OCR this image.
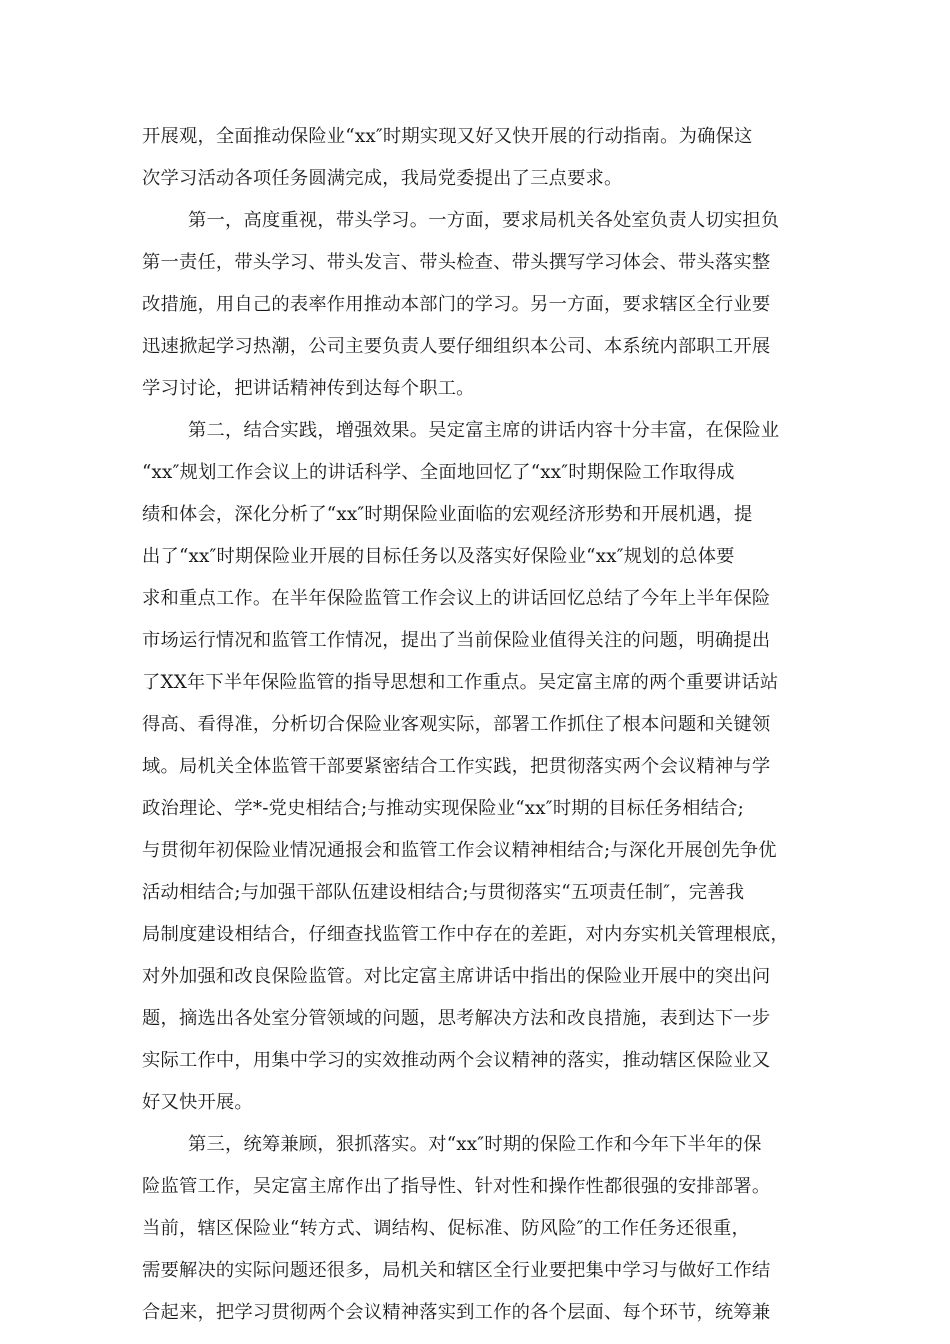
开展观，全面推动保险业“xx″时期实现又好又快开展的行动指南。为确保这
次学习活动各项任务圆满完成，我局党委提出了三点要求。
第一，高度重视，带头学习。一方面，要求局机关各处室负责人切实担负
第一责任，带头学习、带头发言、带头检查、带头撰写学习体会、带头落实整
改措施，用自己的表率作用推动本部门的学习。另一方面，要求辖区全行业要
迅速掀起学习热潮，公司主要负责人要仔细组织本公司、本系统内部职工开展
学习讨论，把讲话精神传到达每个职工。
第二，结合实践，增强效果。吴定富主席的讲话内容十分丰富，在保险业
“xx″规划工作会议上的讲话科学、全面地回忆了“xx″时期保险工作取得成
绩和体会，深化分析了“xx″时期保险业面临的宏观经济形势和开展机遇，提
出了“xx″时期保险业开展的目标任务以及落实好保险业“xx″规划的总体要
求和重点工作。在半年保险监管工作会议上的讲话回忆总结了今年上半年保险
市场运行情况和监管工作情况，提出了当前保险业值得关注的问题，明确提出
了XX年下半年保险监管的指导思想和工作重点。吴定富主席的两个重要讲话站
得高、看得准，分析切合保险业客观实际，部署工作抓住了根本问题和关键领
域。局机关全体监管干部要紧密结合工作实践，把贯彻落实两个会议精神与学
政治理论、学*-党史相结合;与推动实现保险业“xx″时期的目标任务相结合;
与贯彻年初保险业情况通报会和监管工作会议精神相结合;与深化开展创先争优
活动相结合;与加强干部队伍建设相结合;与贯彻落实“五项责任制″，完善我
局制度建设相结合，仔细查找监管工作中存在的差距，对内夯实机关管理根底，
对外加强和改良保险监管。对比定富主席讲话中指出的保险业开展中的突出问
题，摘选出各处室分管领域的问题，思考解决方法和改良措施，表到达下一步
实际工作中，用集中学习的实效推动两个会议精神的落实，推动辖区保险业又
好又快开展。
第三，统筹兼顾，狠抓落实。对“xx″时期的保险工作和今年下半年的保
险监管工作，吴定富主席作出了指导性、针对性和操作性都很强的安排部署。
当前，辖区保险业“转方式、调结构、促标准、防风险″的工作任务还很重，
需要解决的实际问题还很多，局机关和辖区全行业要把集中学习与做好工作结
合起来，把学习贯彻两个会议精神落实到工作的各个层面、每个环节，统筹兼
